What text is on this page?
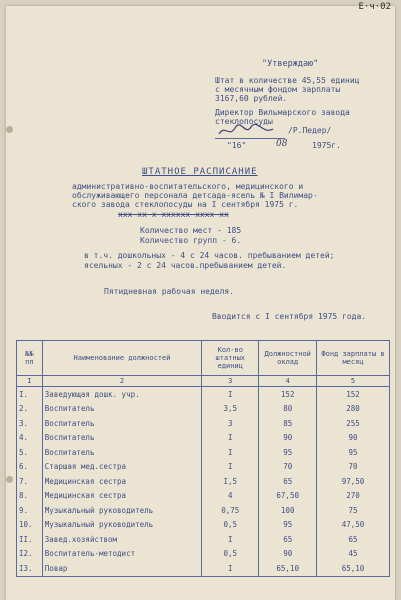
Е·ч·02
"Утверждаю"
Штат в количестве 45,55 единиц
с месячным фондом зарплаты
3167,60 рублей.
Директор Вильмарского завода
стеклопосуды
/Р.Педер/
"16"	08	1975г.
ШТАТНОЕ РАСПИСАНИЕ
административно-воспитательского, медицинского и
обслуживающего персонала детсада-ясель № I Вилимар-
ского завода стеклопосуды на I сентября 1975 г.
ххх хх х хххххх хххх хх
Количество мест - 185
Количество групп - 6.
в т.ч. дошкольных - 4 с 24 часов. пребыванием детей;
ясельных - 2 с 24 часов.пребыванием детей.
Пятидневная рабочая неделя.
Вводится с I сентября 1975 года.
№№ пп	Наименование должностей	Кол-во штатных единиц	Должностной оклад	Фонд зарплаты в месяц
I	2	3	4	5
I.	Заведующая дошк. учр.	I	152	152
2.	Воспитатель	3,5	80	280
3.	Воспитатель	3	85	255
4.	Воспитатель	I	90	90
5.	Воспитатель	I	95	95
6.	Старшая мед.сестра	I	70	70
7.	Медицинская сестра	I,5	65	97,50
8.	Медицинская сестра	4	67,50	270
9.	Музыкальный руководитель	0,75	100	75
10.	Музыкальный руководитель	0,5	95	47,50
II.	Завед.хозяйством	I	65	65
I2.	Воспитатель-методист	0,5	90	45
I3.	Повар	I	65,10	65,10
